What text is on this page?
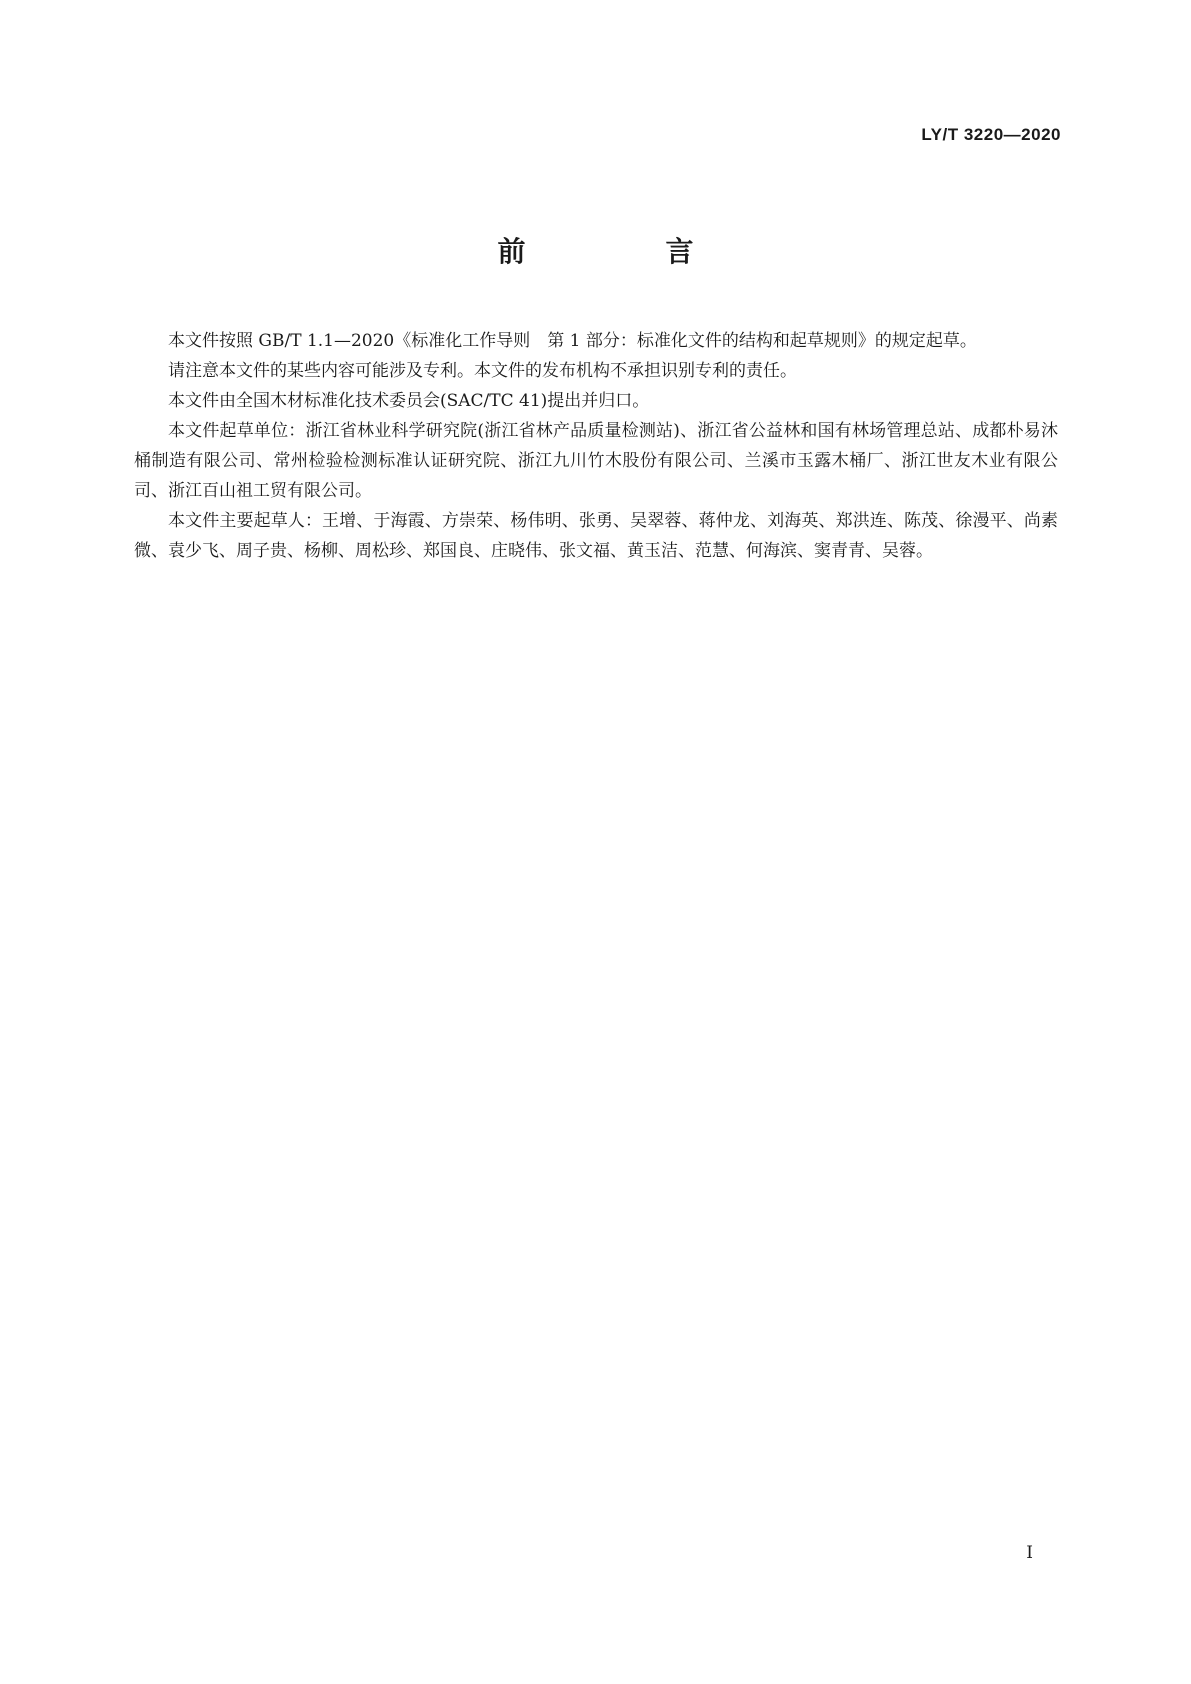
LY/T 3220—2020
前　言

本文件按照 GB/T 1.1—2020《标准化工作导则　第 1 部分：标准化文件的结构和起草规则》的规定起草。

请注意本文件的某些内容可能涉及专利。本文件的发布机构不承担识别专利的责任。

本文件由全国木材标准化技术委员会(SAC/TC 41)提出并归口。

本文件起草单位：浙江省林业科学研究院(浙江省林产品质量检测站)、浙江省公益林和国有林场管理总站、成都朴易沐桶制造有限公司、常州检验检测标准认证研究院、浙江九川竹木股份有限公司、兰溪市玉露木桶厂、浙江世友木业有限公司、浙江百山祖工贸有限公司。

本文件主要起草人：王增、于海霞、方崇荣、杨伟明、张勇、吴翠蓉、蒋仲龙、刘海英、郑洪连、陈茂、徐漫平、尚素微、袁少飞、周子贵、杨柳、周松珍、郑国良、庄晓伟、张文福、黄玉洁、范慧、何海滨、窦青青、吴蓉。

I
